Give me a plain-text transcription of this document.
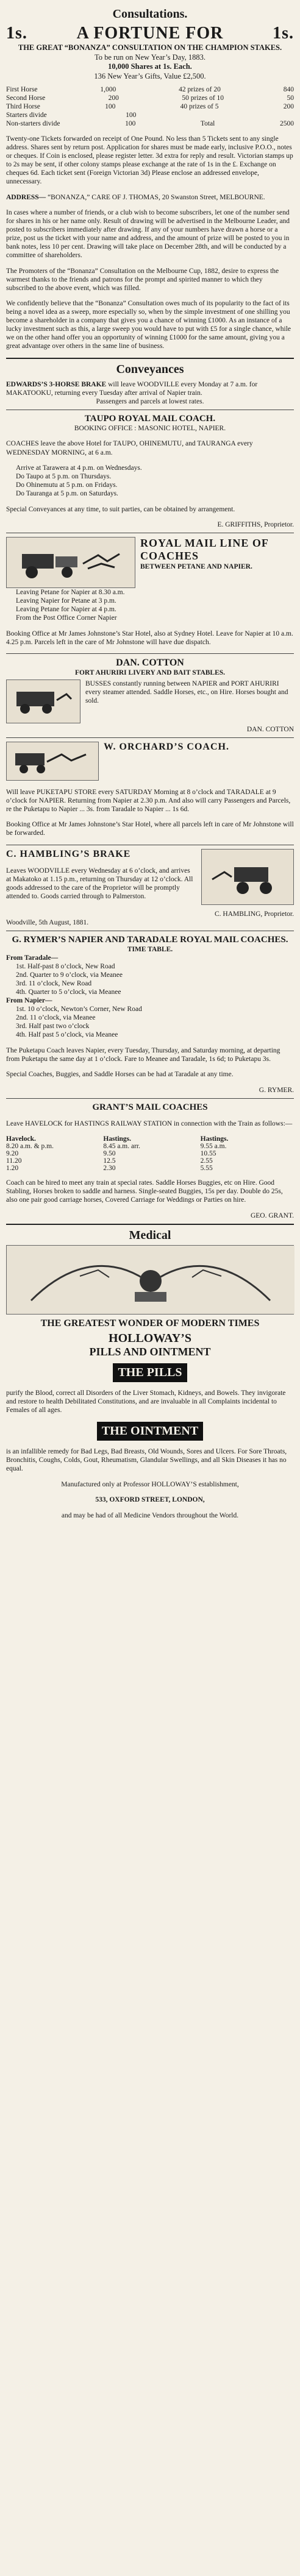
Consultations.
1s.	A FORTUNE FOR	1s.
THE GREAT “BONANZA” CONSULTATION ON THE CHAMPION STAKES.
To be run on New Year’s Day, 1883.
10,000 Shares at 1s. Each.
136 New Year’s Gifts, Value £2,500.
First Horse	1,000	42 prizes of 20	840
Second Horse	200	50 prizes of 10	50
Third Horse	100	40 prizes of 5	200
Starters divide	100
Non-starters divide	100	Total	2500

Twenty-one Tickets forwarded on receipt of One Pound. No less than 5 Tickets sent to any single address. Shares sent by return post. Application for shares must be made early, inclusive P.O.O., notes or cheques. If Coin is enclosed, please register letter. 3d extra for reply and result. Victorian stamps up to 2s may be sent, if other colony stamps please exchange at the rate of 1s in the £. Exchange on cheques 6d. Each ticket sent (Foreign Victorian 3d) Please enclose an addressed envelope, unnecessary.

ADDRESS— “BONANZA,” CARE OF J. THOMAS, 20 Swanston Street, MELBOURNE.

In cases where a number of friends, or a club wish to become subscribers, let one of the number send for shares in his or her name only. Result of drawing will be advertised in the Melbourne Leader, and posted to subscribers immediately after drawing. If any of your numbers have drawn a horse or a prize, post us the ticket with your name and address, and the amount of prize will be posted to you in bank notes, less 10 per cent. Drawing will take place on December 28th, and will be conducted by a committee of shareholders.

The Promoters of the “Bonanza” Consultation on the Melbourne Cup, 1882, desire to express the warmest thanks to the friends and patrons for the prompt and spirited manner to which they subscribed to the above event, which was filled.

We confidently believe that the “Bonanza” Consultation owes much of its popularity to the fact of its being a novel idea as a sweep, more especially so, when by the simple investment of one shilling you become a shareholder in a company that gives you a chance of winning £1000. As an instance of a lucky investment such as this, a large sweep you would have to put with £5 for a single chance, while we on the other hand offer you an opportunity of winning £1000 for the same amount, giving you a great advantage over others in the same line of business.

Conveyances
EDWARDS’S 3-HORSE BRAKE will leave WOODVILLE every Monday at 7 a.m. for MAKATOOKU, returning every Tuesday after arrival of Napier train.
Passengers and parcels at lowest rates.
TAUPO ROYAL MAIL COACH.
BOOKING OFFICE : MASONIC HOTEL, NAPIER.

COACHES leave the above Hotel for TAUPO, OHINEMUTU, and TAURANGA every WEDNESDAY MORNING, at 6 a.m.

Arrive at Tarawera at 4 p.m. on Wednesdays.
Do Taupo at 5 p.m. on Thursdays.
Do Ohinemutu at 5 p.m. on Fridays.
Do Tauranga at 5 p.m. on Saturdays.

Special Conveyances at any time, to suit parties, can be obtained by arrangement.

E. GRIFFITHS, Proprietor.
ROYAL MAIL LINE OF COACHES
BETWEEN PETANE AND NAPIER.
Leaving Petane for Napier at 8.30 a.m.
Leaving Napier for Petane at 3 p.m.
Leaving Petane for Napier at 4 p.m.
From the Post Office Corner Napier

Booking Office at Mr James Johnstone’s Star Hotel, also at Sydney Hotel. Leave for Napier at 10 a.m. 4.25 p.m. Parcels left in the care of Mr Johnstone will have due dispatch.

DAN. COTTON
FORT AHURIRI LIVERY AND BAIT STABLES.

BUSSES constantly running between NAPIER and PORT AHURIRI every steamer attended. Saddle Horses, etc., on Hire. Horses bought and sold.

DAN. COTTON
W. ORCHARD’S COACH.

Will leave PUKETAPU STORE every SATURDAY Morning at 8 o’clock and TARADALE at 9 o’clock for NAPIER. Returning from Napier at 2.30 p.m. And also will carry Passengers and Parcels, re the Puketapu to Napier ... 3s. from Taradale to Napier ... 1s 6d.

Booking Office at Mr James Johnstone’s Star Hotel, where all parcels left in care of Mr Johnstone will be forwarded.

C. HAMBLING’S BRAKE

Leaves WOODVILLE every Wednesday at 6 o’clock, and arrives at Makatoko at 1.15 p.m., returning on Thursday at 12 o’clock. All goods addressed to the care of the Proprietor will be promptly attended to. Goods carried through to Palmerston.

C. HAMBLING, Proprietor.
Woodville, 5th August, 1881.
G. RYMER’S NAPIER AND TARADALE ROYAL MAIL COACHES.
TIME TABLE.
From Taradale—
1st. Half-past 8 o’clock, New Road
2nd. Quarter to 9 o’clock, via Meanee
3rd. 11 o’clock, New Road
4th. Quarter to 5 o’clock, via Meanee
From Napier—
1st. 10 o’clock, Newton’s Corner, New Road
2nd. 11 o’clock, via Meanee
3rd. Half past two o’clock
4th. Half past 5 o’clock, via Meanee

The Puketapu Coach leaves Napier, every Tuesday, Thursday, and Saturday morning, at departing from Puketapu the same day at 1 o’clock. Fare to Meanee and Taradale, 1s 6d; to Puketapu 3s.

Special Coaches, Buggies, and Saddle Horses can be had at Taradale at any time.

G. RYMER.
GRANT’S MAIL COACHES

Leave HAVELOCK for HASTINGS RAILWAY STATION in connection with the Train as follows:—

Havelock.	Hastings.	Hastings.
8.20 a.m. & p.m.	8.45 a.m. arr.	9.55 a.m.
9.20	9.50	10.55
11.20	12.5	2.55
1.20	2.30	5.55

Coach can be hired to meet any train at special rates. Saddle Horses Buggies, etc on Hire. Good Stabling, Horses broken to saddle and harness. Single-seated Buggies, 15s per day. Double do 25s, also one pair good carriage horses, Covered Carriage for Weddings or Parties on hire.

GEO. GRANT.
Medical
THE GREATEST WONDER OF MODERN TIMES
HOLLOWAY’S
PILLS AND OINTMENT
THE PILLS

purify the Blood, correct all Disorders of the Liver Stomach, Kidneys, and Bowels. They invigorate and restore to health Debilitated Constitutions, and are invaluable in all Complaints incidental to Females of all ages.

THE OINTMENT

is an infallible remedy for Bad Legs, Bad Breasts, Old Wounds, Sores and Ulcers. For Sore Throats, Bronchitis, Coughs, Colds, Gout, Rheumatism, Glandular Swellings, and all Skin Diseases it has no equal.

Manufactured only at Professor HOLLOWAY’S establishment,

533, OXFORD STREET, LONDON,

and may be had of all Medicine Vendors throughout the World.
